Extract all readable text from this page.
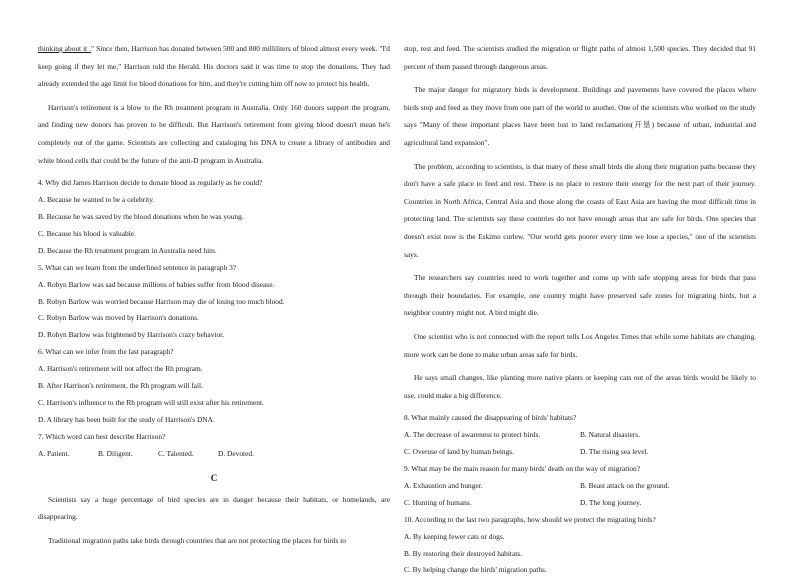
thinking about it ." Since then, Harrison has donated between 500 and 800 milliliters of blood almost every week. "I'd keep going if they let me," Harrison told the Herald. His doctors said it was time to stop the donations. They had already extended the age limit for blood donations for him, and they're cutting him off now to protect his health.

Harrison's retirement is a blow to the Rh treatment program in Australia. Only 160 donors support the program, and finding new donors has proven to be difficult. But Harrison's retirement from giving blood doesn't mean he's completely out of the game. Scientists are collecting and cataloging his DNA to create a library of antibodies and white blood cells that could be the future of the anti-D program in Australia.

4. Why did James Harrison decide to donate blood as regularly as he could?

A. Because he wanted to be a celebrity.

B. Because he was saved by the blood donations when he was young.

C. Because his blood is valuable.

D. Because the Rh treatment program in Australia need him.

5. What can we learn from the underlined sentence in paragraph 3?

A. Robyn Barlow was sad because millions of babies suffer from blood disease.

B. Robyn Barlow was worried because Harrison may die of losing too much blood.

C. Robyn Barlow was moved by Harrison's donations.

D. Robyn Barlow was frightened by Harrison's crazy behavior.

6. What can we infer from the last paragraph?

A. Harrison's retirement will not affect the Rh program.

B. After Harrison's retirement, the Rh program will fail.

C. Harrison's influence to the Rh program will still exist after his retirement.

D. A library has been built for the study of Harrison's DNA.

7. Which word can best describe Harrison?

A. Patient.	B. Diligent.	C. Talented.	D. Devoted.
C

Scientists say a huge percentage of bird species are in danger because their habitats, or homelands, are disappearing.

Traditional migration paths take birds through countries that are not protecting the places for birds to

stop, rest and feed. The scientists studied the migration or flight paths of almost 1,500 species. They decided that 91 percent of them passed through dangerous areas.

The major danger for migratory birds is development. Buildings and pavements have covered the places where birds stop and feed as they move from one part of the world to another. One of the scientists who worked on the study says "Many of these important places have been lost to land reclamation(开垦) because of urban, industrial and agricultural land expansion".

The problem, according to scientists, is that many of these small birds die along their migration paths because they don't have a safe place to feed and rest. There is no place to restore their energy for the next part of their journey. Countries in North Africa, Central Asia and those along the coasts of East Asia are having the most difficult time in protecting land. The scientists say these countries do not have enough areas that are safe for birds. One species that doesn't exist now is the Eskimo curlew. "Our world gets poorer every time we lose a species," one of the scientists says.

The researchers say countries need to work together and come up with safe stopping areas for birds that pass through their boundaries. For example, one country might have preserved safe zones for migrating birds, but a neighbor country might not. A bird might die.

One scientist who is not connected with the report tells Los Angeles Times that while some habitats are changing, more work can be done to make urban areas safe for birds.

He says small changes, like planting more native plants or keeping cats out of the areas birds would be likely to use, could make a big difference.

8. What mainly caused the disappearing of birds' habitats?

A. The decrease of awareness to protect birds.	B. Natural disasters.
C. Overuse of land by human beings.	D. The rising sea level.

9. What may be the main reason for many birds' death on the way of migration?

A. Exhaustion and hunger.	B. Beast attack on the ground.
C. Hunting of humans.	D. The long journey.

10. According to the last two paragraphs, how should we protect the migrating birds?

A. By keeping fewer cats or dogs.

B. By restoring their destroyed habitats.

C. By helping change the birds' migration paths.
